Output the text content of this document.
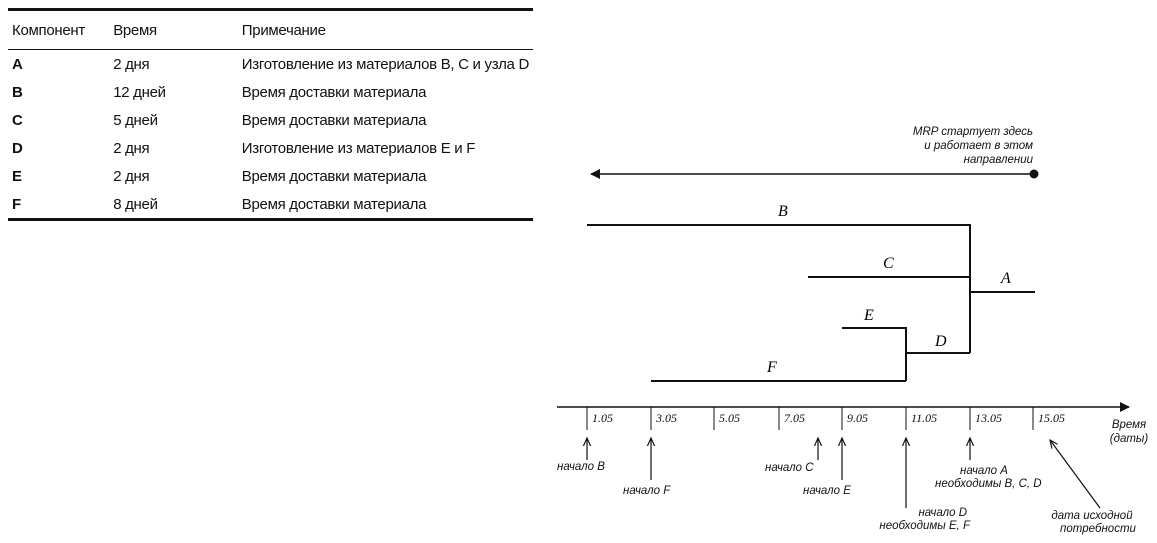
Компонент	Время	Примечание
A	2 дня	Изготовление из материалов B, C и узла D
B	12 дней	Время доставки материала
C	5 дней	Время доставки материала
D	2 дня	Изготовление из материалов E и F
E	2 дня	Время доставки материала
F	8 дней	Время доставки материала
MRP стартует здесь
и работает в этом
направлении
B
C
A
E
D
F
1.05	3.05	5.05	7.05	9.05	11.05	13.05	15.05	Время
(даты)
начало B
начало F
начало C
начало E
начало D
необходимы E, F
начало A
необходимы B, C, D
дата исходной
потребности
